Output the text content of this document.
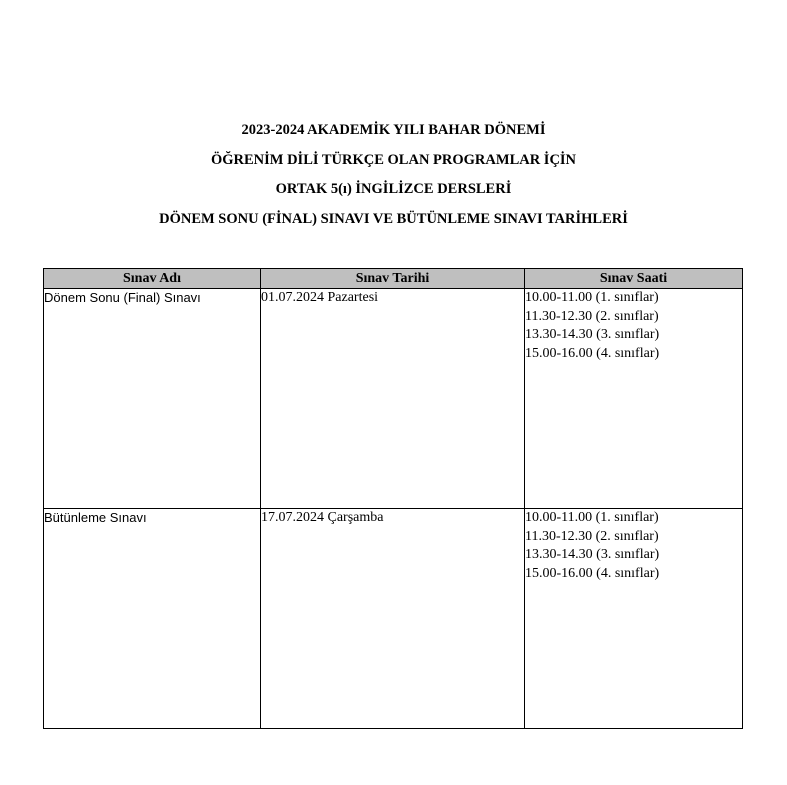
2023-2024 AKADEMİK YILI BAHAR DÖNEMİ
ÖĞRENİM DİLİ TÜRKÇE OLAN PROGRAMLAR İÇİN
ORTAK 5(ı) İNGİLİZCE DERSLERİ
DÖNEM SONU (FİNAL) SINAVI VE BÜTÜNLEME SINAVI TARİHLERİ
Sınav Adı	Sınav Tarihi	Sınav Saati
Dönem Sonu (Final) Sınavı	01.07.2024 Pazartesi	10.00-11.00 (1. sınıflar)
11.30-12.30 (2. sınıflar)
13.30-14.30 (3. sınıflar)
15.00-16.00 (4. sınıflar)

Bütünleme Sınavı	17.07.2024 Çarşamba	10.00-11.00 (1. sınıflar)
11.30-12.30 (2. sınıflar)
13.30-14.30 (3. sınıflar)
15.00-16.00 (4. sınıflar)
